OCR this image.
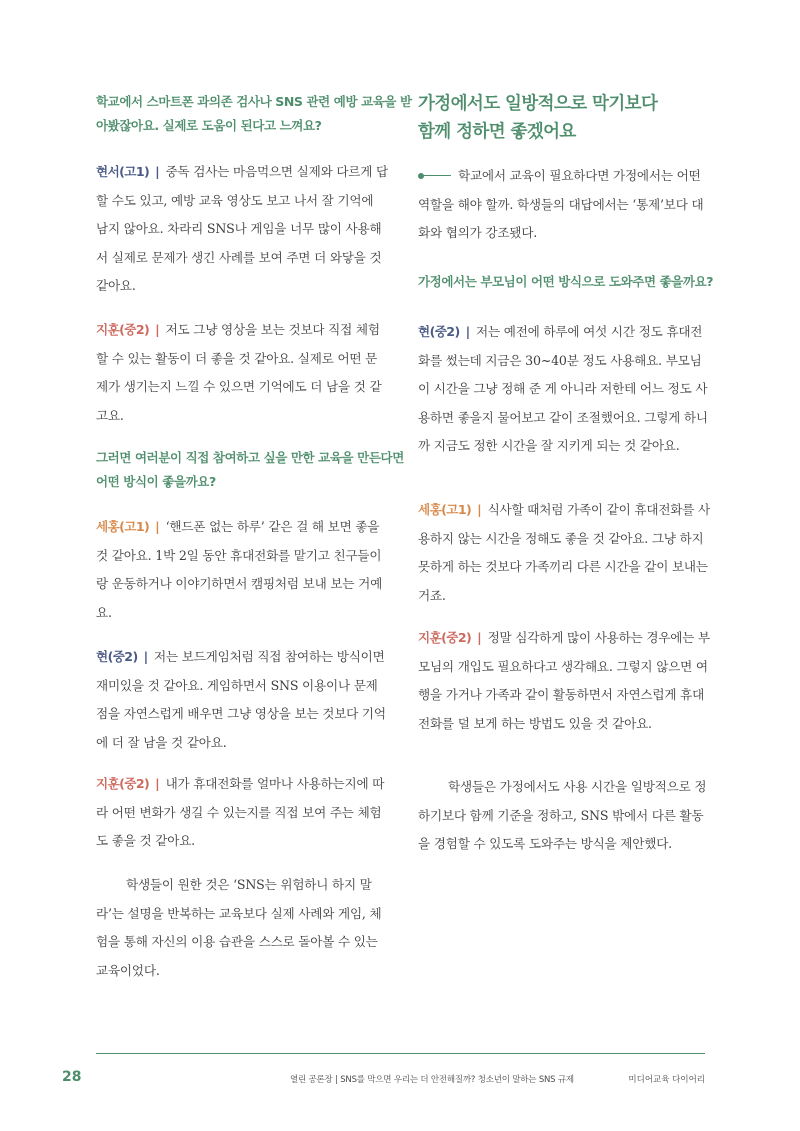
학교에서 스마트폰 과의존 검사나 SNS 관련 예방 교육을 받아봤잖아요. 실제로 도움이 된다고 느껴요?
현서(고1) | 중독 검사는 마음먹으면 실제와 다르게 답할 수도 있고, 예방 교육 영상도 보고 나서 잘 기억에 남지 않아요. 차라리 SNS나 게임을 너무 많이 사용해서 실제로 문제가 생긴 사례를 보여 주면 더 와닿을 것 같아요.
지훈(중2) | 저도 그냥 영상을 보는 것보다 직접 체험할 수 있는 활동이 더 좋을 것 같아요. 실제로 어떤 문제가 생기는지 느낄 수 있으면 기억에도 더 남을 것 같고요.
그러면 여러분이 직접 참여하고 싶을 만한 교육을 만든다면 어떤 방식이 좋을까요?
세홍(고1) | ‘핸드폰 없는 하루’ 같은 걸 해 보면 좋을 것 같아요. 1박 2일 동안 휴대전화를 맡기고 친구들이랑 운동하거나 이야기하면서 캠핑처럼 보내 보는 거예요.
현(중2) | 저는 보드게임처럼 직접 참여하는 방식이면 재미있을 것 같아요. 게임하면서 SNS 이용이나 문제점을 자연스럽게 배우면 그냥 영상을 보는 것보다 기억에 더 잘 남을 것 같아요.
지훈(중2) | 내가 휴대전화를 얼마나 사용하는지에 따라 어떤 변화가 생길 수 있는지를 직접 보여 주는 체험도 좋을 것 같아요.
학생들이 원한 것은 ‘SNS는 위험하니 하지 말라’는 설명을 반복하는 교육보다 실제 사례와 게임, 체험을 통해 자신의 이용 습관을 스스로 돌아볼 수 있는 교육이었다.
가정에서도 일방적으로 막기보다
함께 정하면 좋겠어요
학교에서 교육이 필요하다면 가정에서는 어떤 역할을 해야 할까. 학생들의 대답에서는 ‘통제’보다 대화와 협의가 강조됐다.
가정에서는 부모님이 어떤 방식으로 도와주면 좋을까요?
현(중2) | 저는 예전에 하루에 여섯 시간 정도 휴대전화를 썼는데 지금은 30~40분 정도 사용해요. 부모님이 시간을 그냥 정해 준 게 아니라 저한테 어느 정도 사용하면 좋을지 물어보고 같이 조절했어요. 그렇게 하니까 지금도 정한 시간을 잘 지키게 되는 것 같아요.
세홍(고1) | 식사할 때처럼 가족이 같이 휴대전화를 사용하지 않는 시간을 정해도 좋을 것 같아요. 그냥 하지 못하게 하는 것보다 가족끼리 다른 시간을 같이 보내는 거죠.
지훈(중2) | 정말 심각하게 많이 사용하는 경우에는 부모님의 개입도 필요하다고 생각해요. 그렇지 않으면 여행을 가거나 가족과 같이 활동하면서 자연스럽게 휴대전화를 덜 보게 하는 방법도 있을 것 같아요.
학생들은 가정에서도 사용 시간을 일방적으로 정하기보다 함께 기준을 정하고, SNS 밖에서 다른 활동을 경험할 수 있도록 도와주는 방식을 제안했다.
28	열린 공론장 | SNS를 막으면 우리는 더 안전해질까? 청소년이 말하는 SNS 규제	미디어교육 다이어리
